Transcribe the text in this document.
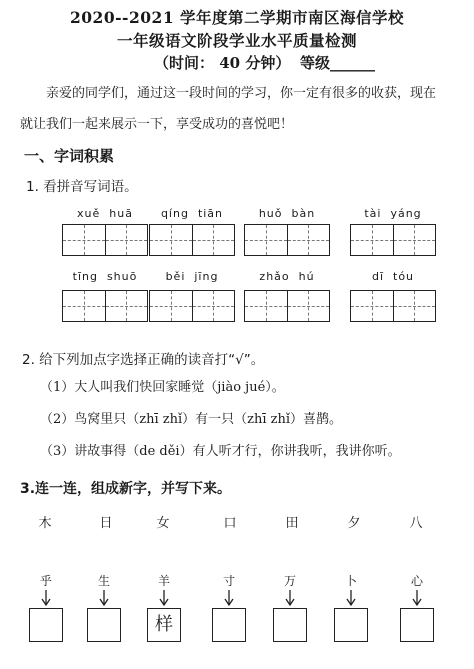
2020--2021 学年度第二学期市南区海信学校
一年级语文阶段学业水平质量检测
（时间： 40 分钟） 等级______
亲爱的同学们，通过这一段时间的学习，你一定有很多的收获，现在
就让我们一起来展示一下，享受成功的喜悦吧！
一、字词积累
1. 看拼音写词语。
xuě  huā	qíng  tiān	huǒ  bàn	tài  yáng
tīng  shuō	běi  jīng	zhǎo  hú	dī  tóu
2. 给下列加点字选择正确的读音打“√”。
（1）大人叫我们快回家睡觉（jiào jué）。
（2）鸟窝里只（zhī zhǐ）有一只（zhī zhǐ）喜鹊。
（3）讲故事得（de děi）有人听才行，你讲我听，我讲你听。
3.连一连，组成新字，并写下来。
木	日	女	口	田	夕	八
乎	生	羊	寸	万	卜	心
样
